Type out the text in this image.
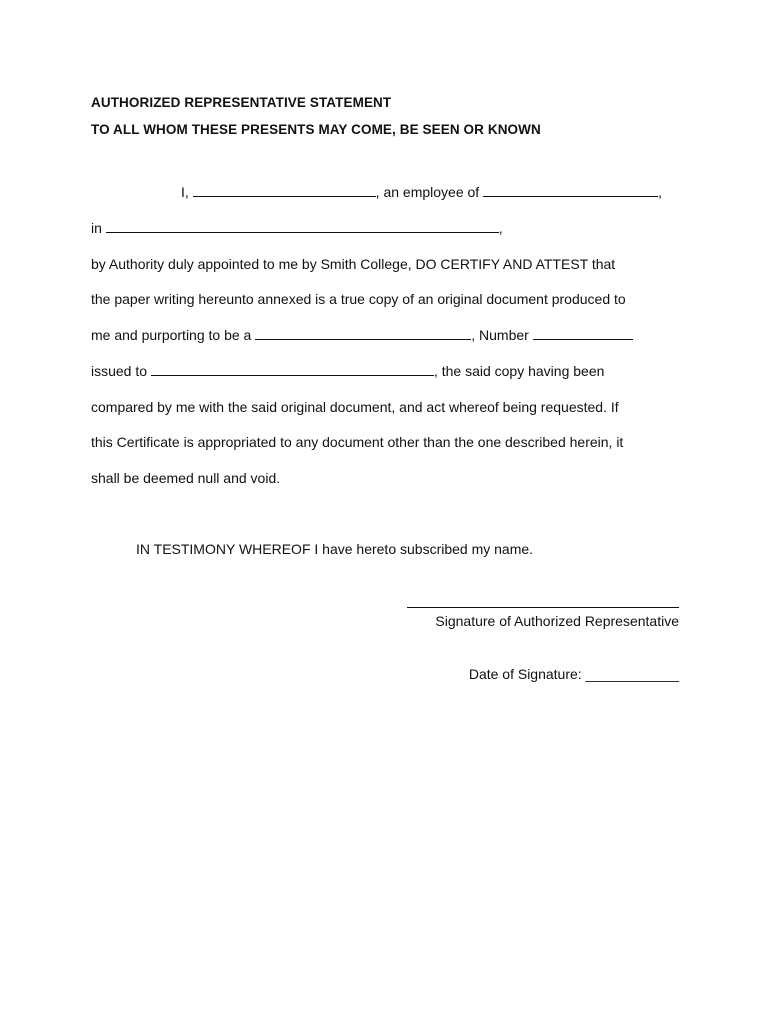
AUTHORIZED REPRESENTATIVE STATEMENT
TO ALL WHOM THESE PRESENTS MAY COME, BE SEEN OR KNOWN
I,	, an employee of	,
in	,
by Authority duly appointed to me by Smith College, DO CERTIFY AND ATTEST that
the paper writing hereunto annexed is a true copy of an original document produced to
me and purporting to be a	, Number
issued to	, the said copy having been
compared by me with the said original document, and act whereof being requested. If
this Certificate is appropriated to any document other than the one described herein, it
shall be deemed null and void.
IN TESTIMONY WHEREOF I have hereto subscribed my name.
Signature of Authorized Representative
Date of Signature: ____________
